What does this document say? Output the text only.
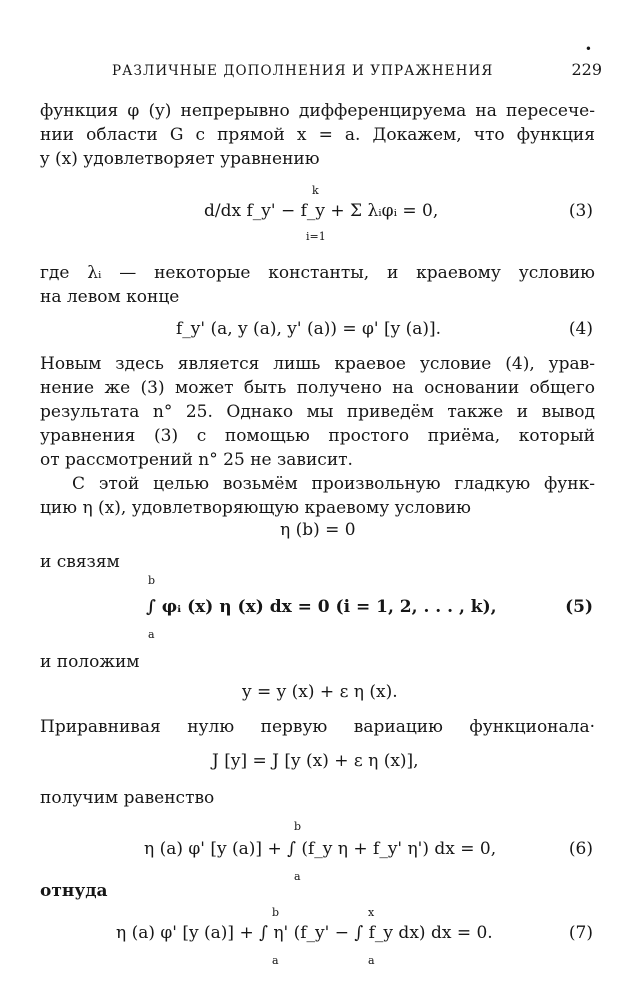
РАЗЛИЧНЫЕ ДОПОЛНЕНИЯ И УПРАЖНЕНИЯ	229
•
функция φ (y) непрерывно дифференцируема на пересече-
нии области G с прямой x = a. Докажем, что функция
y (x) удовлетворяет уравнению
k
d/dx f_y' − f_y + Σ λᵢφᵢ = 0,
i=1
(3)
где λᵢ — некоторые константы, и краевому условию
на левом конце
f_y' (a, y (a), y' (a)) = φ' [y (a)].	(4)
Новым здесь является лишь краевое условие (4), урав-
нение же (3) может быть получено на основании общего
результата n° 25. Однако мы приведём также и вывод
уравнения (3) с помощью простого приёма, который
от рассмотрений n° 25 не зависит.
С этой целью возьмём произвольную гладкую функ-
цию η (x), удовлетворяющую краевому условию
η (b) = 0
и связям
b
∫ φᵢ (x) η (x) dx = 0 (i = 1, 2, . . . , k),
a
(5)
и положим
y = y (x) + ε η (x).
Приравнивая нулю первую вариацию функционала·
J [y] = J [y (x) + ε η (x)],
получим равенство
b
η (a) φ' [y (a)] + ∫ (f_y η + f_y' η') dx = 0,
a
(6)
отнуда
b	x
η (a) φ' [y (a)] + ∫ η' (f_y' − ∫ f_y dx) dx = 0.
a	a
(7)
